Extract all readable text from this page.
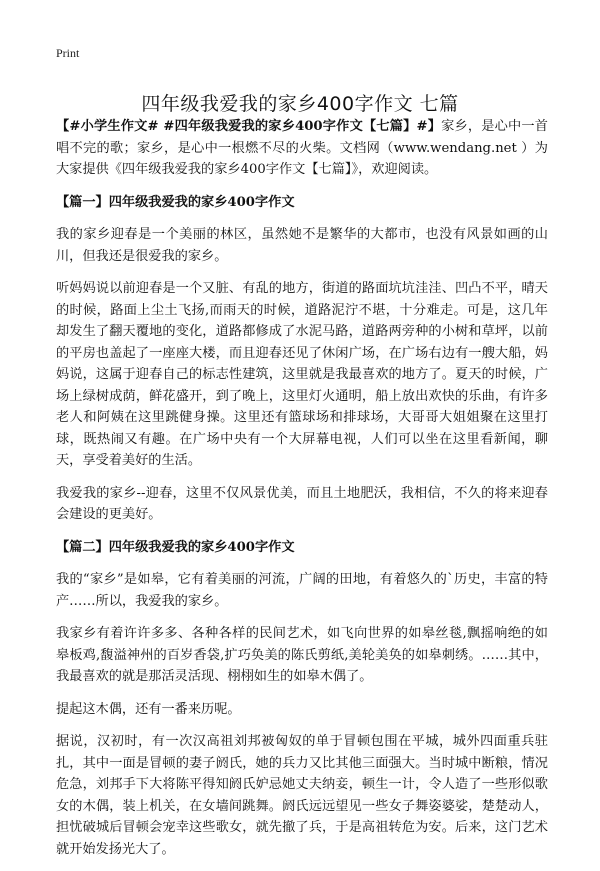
Print
四年级我爱我的家乡400字作文 七篇

【#小学生作文# #四年级我爱我的家乡400字作文【七篇】#】家乡，是心中一首唱不完的歌；家乡，是心中一根燃不尽的火柴。文档网（www.wendang.net ）为大家提供《四年级我爱我的家乡400字作文【七篇】》，欢迎阅读。

【篇一】四年级我爱我的家乡400字作文

我的家乡迎春是一个美丽的林区，虽然她不是繁华的大都市，也没有风景如画的山川，但我还是很爱我的家乡。

听妈妈说以前迎春是一个又脏、有乱的地方，街道的路面坑坑洼洼、凹凸不平，晴天的时候，路面上尘土飞扬,而雨天的时候，道路泥泞不堪，十分难走。可是，这几年却发生了翻天覆地的变化，道路都修成了水泥马路，道路两旁种的小树和草坪，以前的平房也盖起了一座座大楼，而且迎春还见了休闲广场，在广场右边有一艘大船，妈妈说，这属于迎春自己的标志性建筑，这里就是我最喜欢的地方了。夏天的时候，广场上绿树成荫，鲜花盛开，到了晚上，这里灯火通明，船上放出欢快的乐曲，有许多老人和阿姨在这里跳健身操。这里还有篮球场和排球场，大哥哥大姐姐聚在这里打球，既热闹又有趣。在广场中央有一个大屏幕电视，人们可以坐在这里看新闻，聊天，享受着美好的生活。

我爱我的家乡--迎春，这里不仅风景优美，而且土地肥沃，我相信，不久的将来迎春会建设的更美好。

【篇二】四年级我爱我的家乡400字作文

我的“家乡”是如皋，它有着美丽的河流，广阔的田地，有着悠久的`历史，丰富的特产……所以，我爱我的家乡。

我家乡有着许许多多、各种各样的民间艺术，如飞向世界的如皋丝毯,飘摇响绝的如皋板鸡,馥溢神州的百岁香袋,扩巧奂美的陈氏剪纸,美轮美奂的如皋刺绣。……其中，我最喜欢的就是那活灵活现、栩栩如生的如皋木偶了。

提起这木偶，还有一番来历呢。

据说，汉初时，有一次汉高祖刘邦被匈奴的单于冒顿包围在平城，城外四面重兵驻扎，其中一面是冒顿的妻子阏氏，她的兵力又比其他三面强大。当时城中断粮，情况危急，刘邦手下大将陈平得知阏氏妒忌她丈夫纳妾，顿生一计，令人造了一些形似歌女的木偶，装上机关，在女墙间跳舞。阏氏远远望见一些女子舞姿婆娑，楚楚动人，担忧破城后冒顿会宠幸这些歌女，就先撤了兵，于是高祖转危为安。后来，这门艺术就开始发扬光大了。
